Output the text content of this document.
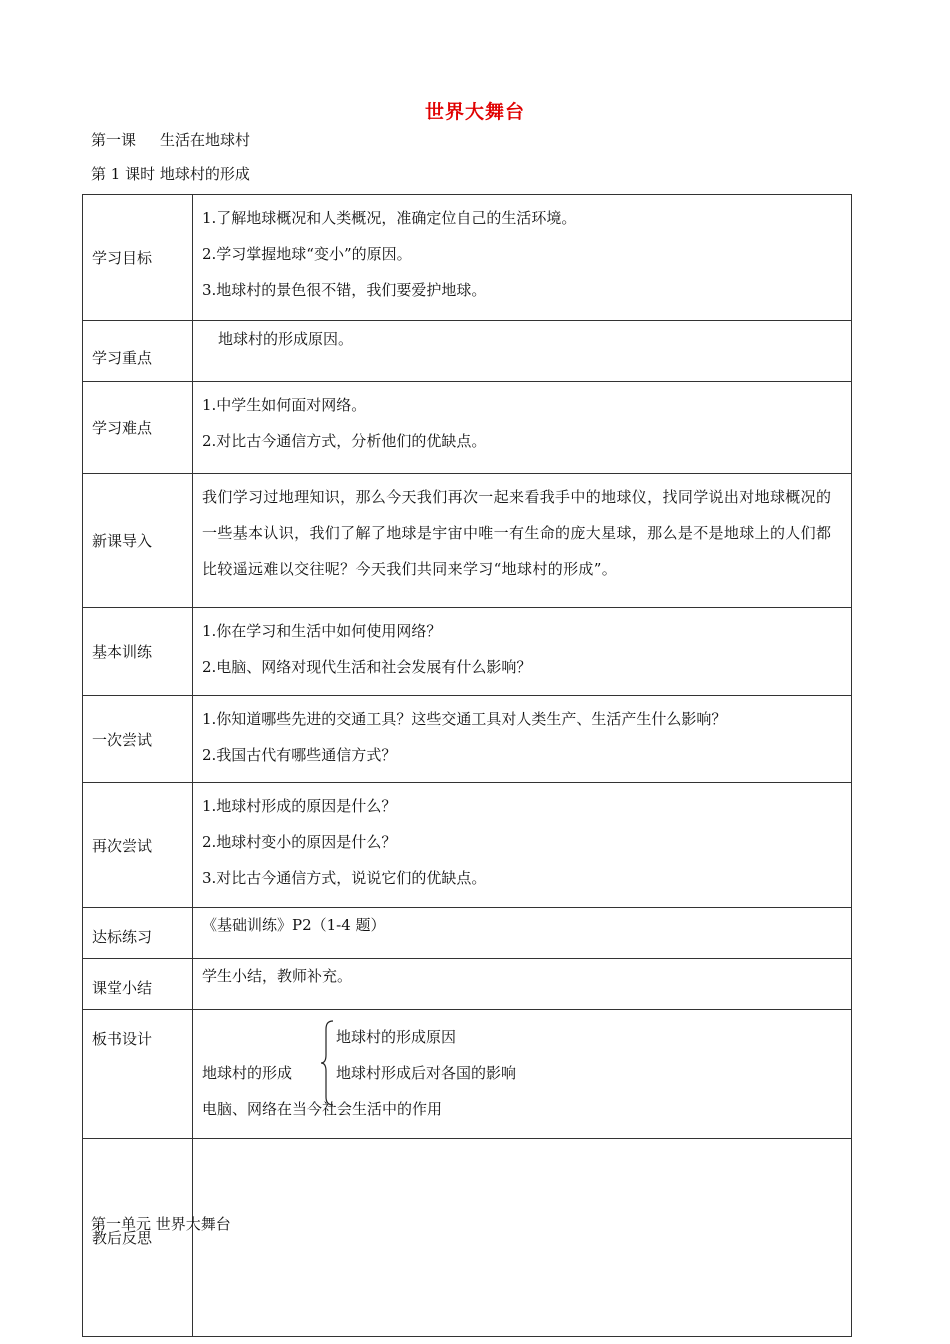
世界大舞台
第一课 生活在地球村
第 1 课时 地球村的形成
学习目标	1.了解地球概况和人类概况，准确定位自己的生活环境。
2.学习掌握地球“变小”的原因。
3.地球村的景色很不错，我们要爱护地球。

学习重点	地球村的形成原因。

学习难点	1.中学生如何面对网络。
2.对比古今通信方式，分析他们的优缺点。

新课导入	我们学习过地理知识，那么今天我们再次一起来看我手中的地球仪，找同学说出对地球概况的一些基本认识，我们了解了地球是宇宙中唯一有生命的庞大星球，那么是不是地球上的人们都比较遥远难以交往呢？今天我们共同来学习“地球村的形成”。

基本训练	1.你在学习和生活中如何使用网络？
2.电脑、网络对现代生活和社会发展有什么影响？

一次尝试	1.你知道哪些先进的交通工具？这些交通工具对人类生产、生活产生什么影响？
2.我国古代有哪些通信方式？

再次尝试	1.地球村形成的原因是什么？
2.地球村变小的原因是什么？
3.对比古今通信方式，说说它们的优缺点。

达标练习	《基础训练》P2（1-4 题）

课堂小结	学生小结，教师补充。

板书设计	地球村的形成
地球村的形成原因
地球村形成后对各国的影响
电脑、网络在当今社会生活中的作用

教后反思	
第一单元 世界大舞台
